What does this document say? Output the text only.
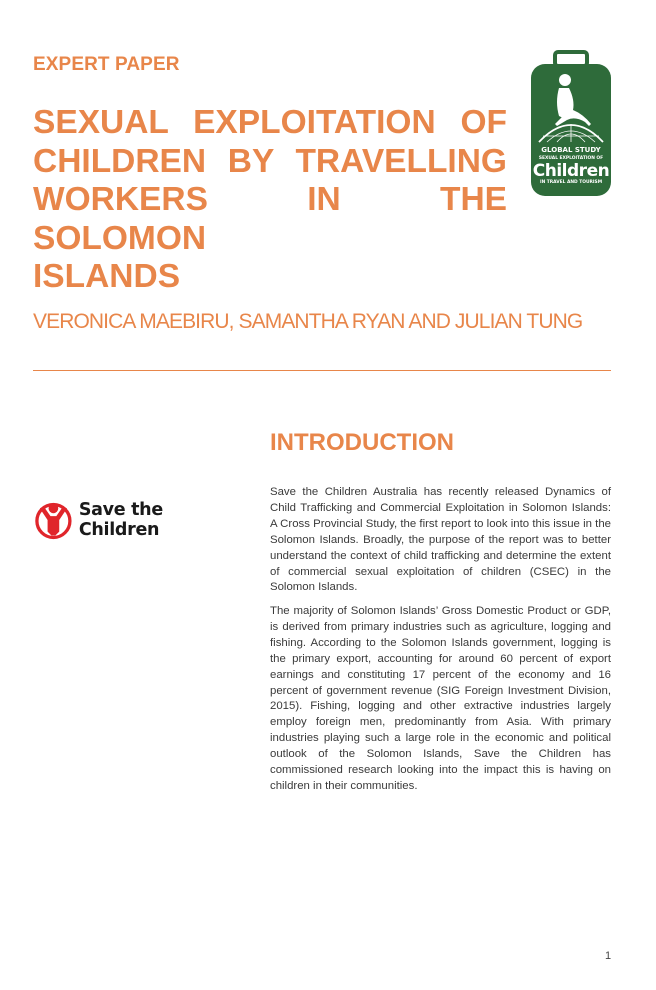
EXPERT PAPER
SEXUAL EXPLOITATION OF
CHILDREN BY TRAVELLING
WORKERS IN THE SOLOMON
ISLANDS
GLOBAL STUDY
SEXUAL EXPLOITATION OF
Children
IN TRAVEL AND TOURISM
VERONICA MAEBIRU, SAMANTHA RYAN AND JULIAN TUNG
Save the Children
INTRODUCTION

Save the Children Australia has recently released Dynamics of Child Trafficking and Commercial Exploitation in Solomon Islands: A Cross Provincial Study, the first report to look into this issue in the Solomon Islands. Broadly, the purpose of the report was to better understand the context of child trafficking and determine the extent of commercial sexual exploitation of children (CSEC) in the Solomon Islands.

The majority of Solomon Islands’ Gross Domestic Product or GDP, is derived from primary industries such as agriculture, logging and fishing. According to the Solomon Islands government, logging is the primary export, accounting for around 60 percent of export earnings and constituting 17 percent of the economy and 16 percent of government revenue (SIG Foreign Investment Division, 2015). Fishing, logging and other extractive industries largely employ foreign men, predominantly from Asia. With primary industries playing such a large role in the economic and political outlook of the Solomon Islands, Save the Children has commissioned research looking into the impact this is having on children in their communities.

1
